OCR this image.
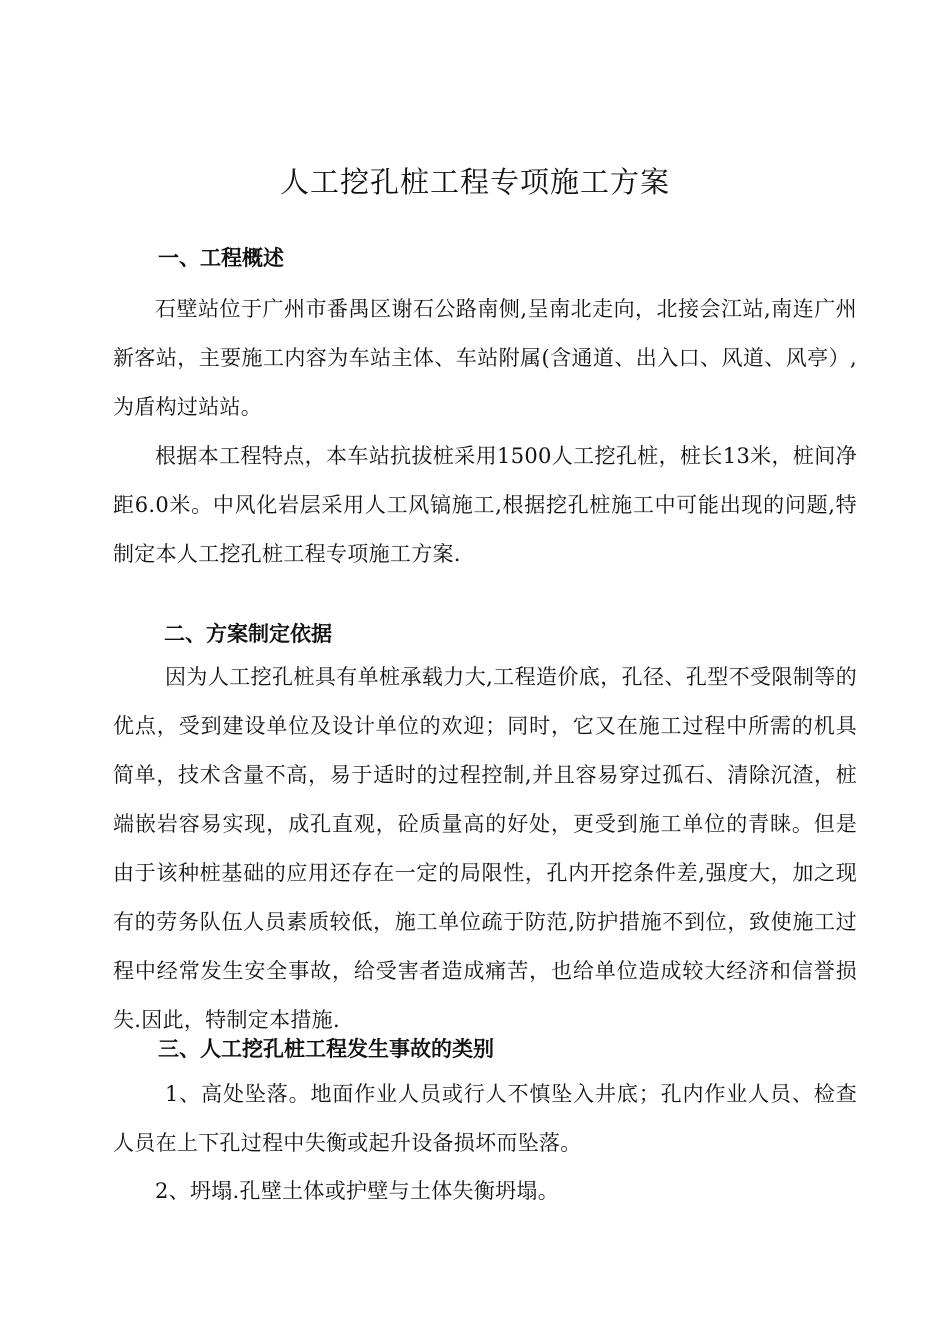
人工挖孔桩工程专项施工方案
一、工程概述

石壁站位于广州市番禺区谢石公路南侧,呈南北走向，北接会江站,南连广州新客站，主要施工内容为车站主体、车站附属(含通道、出入口、风道、风亭）,为盾构过站站。

根据本工程特点，本车站抗拔桩采用1500人工挖孔桩，桩长13米，桩间净距6.0米。中风化岩层采用人工风镐施工,根据挖孔桩施工中可能出现的问题,特制定本人工挖孔桩工程专项施工方案.

二、方案制定依据

因为人工挖孔桩具有单桩承载力大,工程造价底，孔径、孔型不受限制等的优点，受到建设单位及设计单位的欢迎；同时，它又在施工过程中所需的机具简单，技术含量不高，易于适时的过程控制,并且容易穿过孤石、清除沉渣，桩端嵌岩容易实现，成孔直观，砼质量高的好处，更受到施工单位的青睐。但是由于该种桩基础的应用还存在一定的局限性，孔内开挖条件差,强度大，加之现有的劳务队伍人员素质较低，施工单位疏于防范,防护措施不到位，致使施工过程中经常发生安全事故，给受害者造成痛苦，也给单位造成较大经济和信誉损失.因此，特制定本措施.

三、人工挖孔桩工程发生事故的类别

1、高处坠落。地面作业人员或行人不慎坠入井底；孔内作业人员、检查人员在上下孔过程中失衡或起升设备损坏而坠落。

2、坍塌.孔壁土体或护壁与土体失衡坍塌。
